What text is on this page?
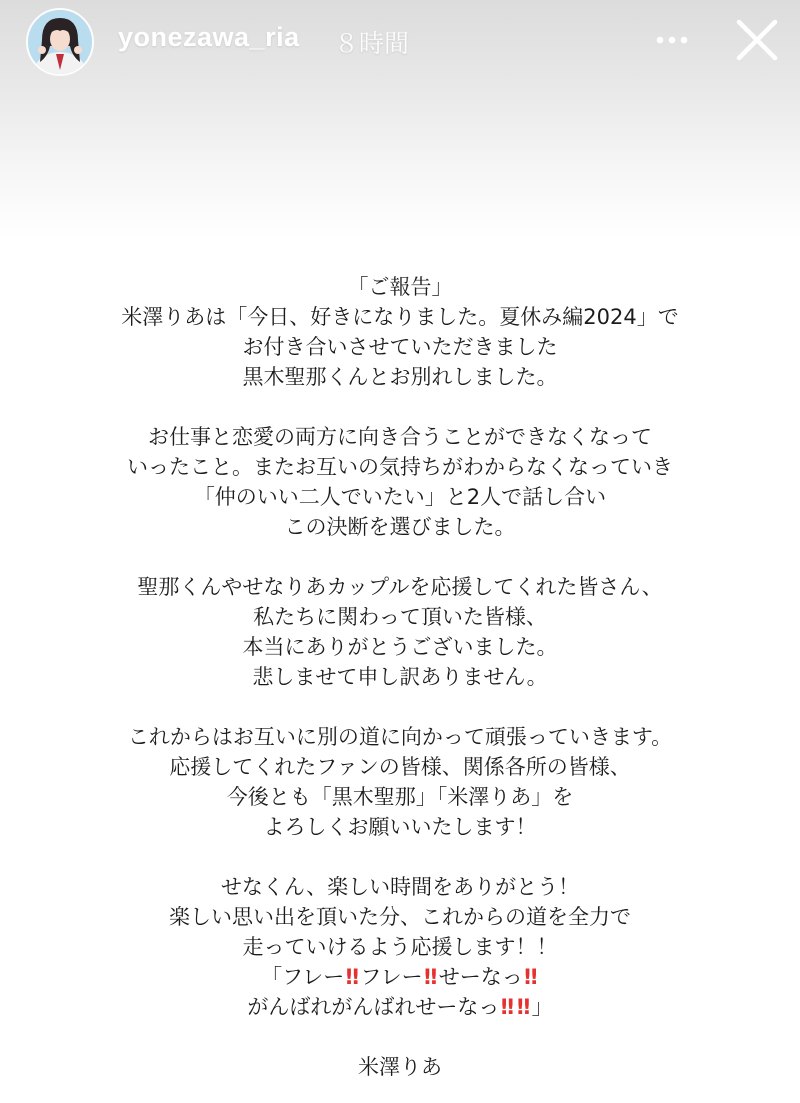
yonezawa_ria ８時間
「ご報告」
米澤りあは「今日、好きになりました。夏休み編2024」で
お付き合いさせていただきました
黒木聖那くんとお別れしました。
お仕事と恋愛の両方に向き合うことができなくなって
いったこと。またお互いの気持ちがわからなくなっていき
「仲のいい二人でいたい」と2人で話し合い
この決断を選びました。
聖那くんやせなりあカップルを応援してくれた皆さん、
私たちに関わって頂いた皆様、
本当にありがとうございました。
悲しませて申し訳ありません。
これからはお互いに別の道に向かって頑張っていきます。
応援してくれたファンの皆様、関係各所の皆様、
今後とも「黒木聖那」「米澤りあ」を
よろしくお願いいたします！
せなくん、楽しい時間をありがとう！
楽しい思い出を頂いた分、これからの道を全力で
走っていけるよう応援します！！
「フレー!! フレー!! せーなっ!!
がんばれがんばれせーなっ!! !! 」
米澤りあ
